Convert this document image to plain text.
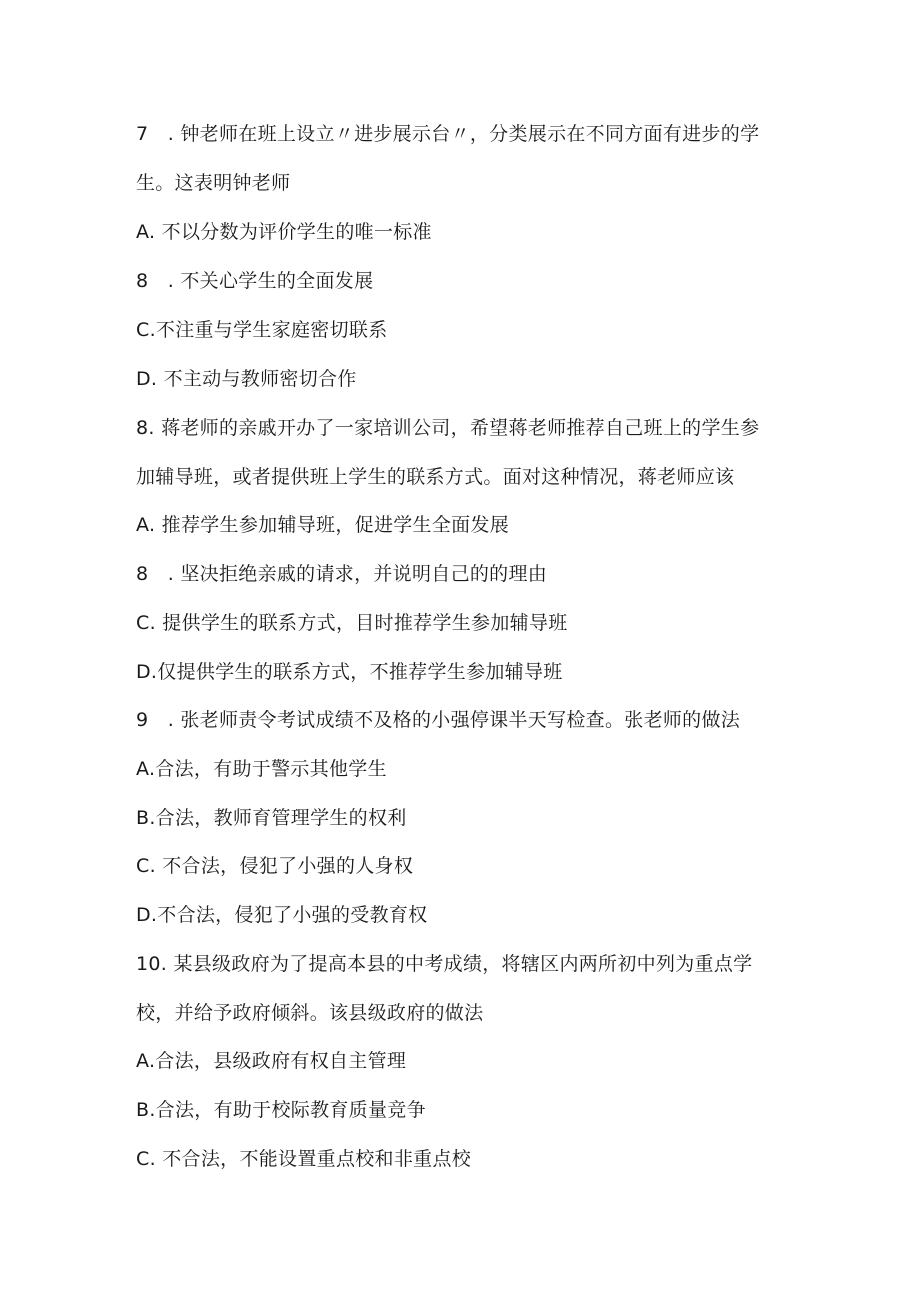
7　. 钟老师在班上设立〃进步展示台〃，分类展示在不同方面有进步的学
生。这表明钟老师
A. 不以分数为评价学生的唯一标准
8　. 不关心学生的全面发展
C.不注重与学生家庭密切联系
D. 不主动与教师密切合作
8. 蒋老师的亲戚开办了一家培训公司，希望蒋老师推荐自己班上的学生参
加辅导班，或者提供班上学生的联系方式。面对这种情况，蒋老师应该
A. 推荐学生参加辅导班，促进学生全面发展
8　. 坚决拒绝亲戚的请求，并说明自己的的理由
C. 提供学生的联系方式，目时推荐学生参加辅导班
D.仅提供学生的联系方式，不推荐学生参加辅导班
9　. 张老师责令考试成绩不及格的小强停课半天写检查。张老师的做法
A.合法，有助于警示其他学生
B.合法，教师育管理学生的权利
C. 不合法，侵犯了小强的人身权
D.不合法，侵犯了小强的受教育权
10. 某县级政府为了提高本县的中考成绩，将辖区内两所初中列为重点学
校，并给予政府倾斜。该县级政府的做法
A.合法，县级政府有权自主管理
B.合法，有助于校际教育质量竞争
C. 不合法，不能设置重点校和非重点校
